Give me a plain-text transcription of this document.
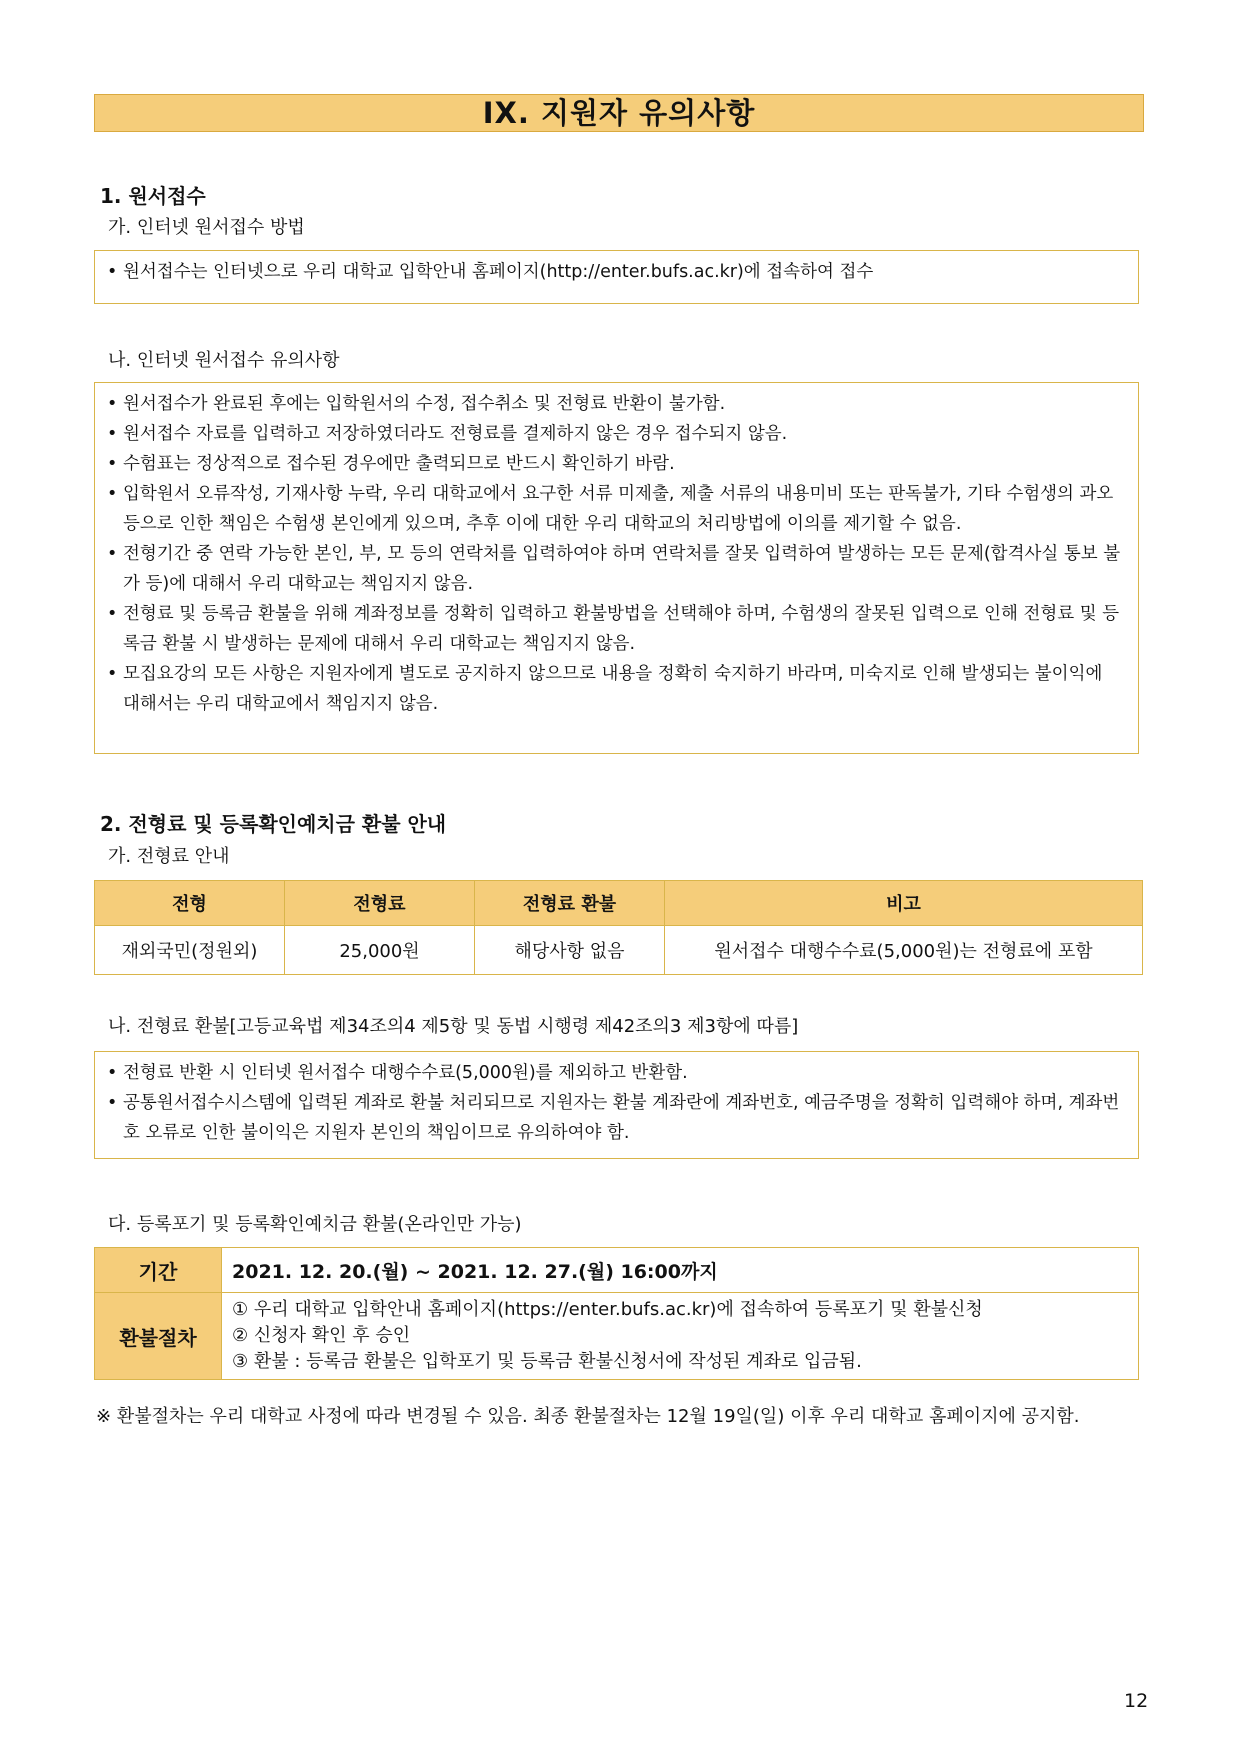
IX. 지원자 유의사항
1. 원서접수
가. 인터넷 원서접수 방법
• 원서접수는 인터넷으로 우리 대학교 입학안내 홈페이지(http://enter.bufs.ac.kr)에 접속하여 접수
나. 인터넷 원서접수 유의사항
• 원서접수가 완료된 후에는 입학원서의 수정, 접수취소 및 전형료 반환이 불가함.
• 원서접수 자료를 입력하고 저장하였더라도 전형료를 결제하지 않은 경우 접수되지 않음.
• 수험표는 정상적으로 접수된 경우에만 출력되므로 반드시 확인하기 바람.
• 입학원서 오류작성, 기재사항 누락, 우리 대학교에서 요구한 서류 미제출, 제출 서류의 내용미비 또는 판독불가, 기타 수험생의 과오 등으로 인한 책임은 수험생 본인에게 있으며, 추후 이에 대한 우리 대학교의 처리방법에 이의를 제기할 수 없음.
• 전형기간 중 연락 가능한 본인, 부, 모 등의 연락처를 입력하여야 하며 연락처를 잘못 입력하여 발생하는 모든 문제(합격사실 통보 불가 등)에 대해서 우리 대학교는 책임지지 않음.
• 전형료 및 등록금 환불을 위해 계좌정보를 정확히 입력하고 환불방법을 선택해야 하며, 수험생의 잘못된 입력으로 인해 전형료 및 등록금 환불 시 발생하는 문제에 대해서 우리 대학교는 책임지지 않음.
• 모집요강의 모든 사항은 지원자에게 별도로 공지하지 않으므로 내용을 정확히 숙지하기 바라며, 미숙지로 인해 발생되는 불이익에 대해서는 우리 대학교에서 책임지지 않음.
2. 전형료 및 등록확인예치금 환불 안내
가. 전형료 안내
전형	전형료	전형료 환불	비고
재외국민(정원외)	25,000원	해당사항 없음	원서접수 대행수수료(5,000원)는 전형료에 포함
나. 전형료 환불[고등교육법 제34조의4 제5항 및 동법 시행령 제42조의3 제3항에 따름]
• 전형료 반환 시 인터넷 원서접수 대행수수료(5,000원)를 제외하고 반환함.
• 공통원서접수시스템에 입력된 계좌로 환불 처리되므로 지원자는 환불 계좌란에 계좌번호, 예금주명을 정확히 입력해야 하며, 계좌번호 오류로 인한 불이익은 지원자 본인의 책임이므로 유의하여야 함.
다. 등록포기 및 등록확인예치금 환불(온라인만 가능)
기간	2021. 12. 20.(월) ~ 2021. 12. 27.(월) 16:00까지
환불절차	① 우리 대학교 입학안내 홈페이지(https://enter.bufs.ac.kr)에 접속하여 등록포기 및 환불신청
② 신청자 확인 후 승인
③ 환불 : 등록금 환불은 입학포기 및 등록금 환불신청서에 작성된 계좌로 입금됨.
※ 환불절차는 우리 대학교 사정에 따라 변경될 수 있음. 최종 환불절차는 12월 19일(일) 이후 우리 대학교 홈페이지에 공지함.
12
